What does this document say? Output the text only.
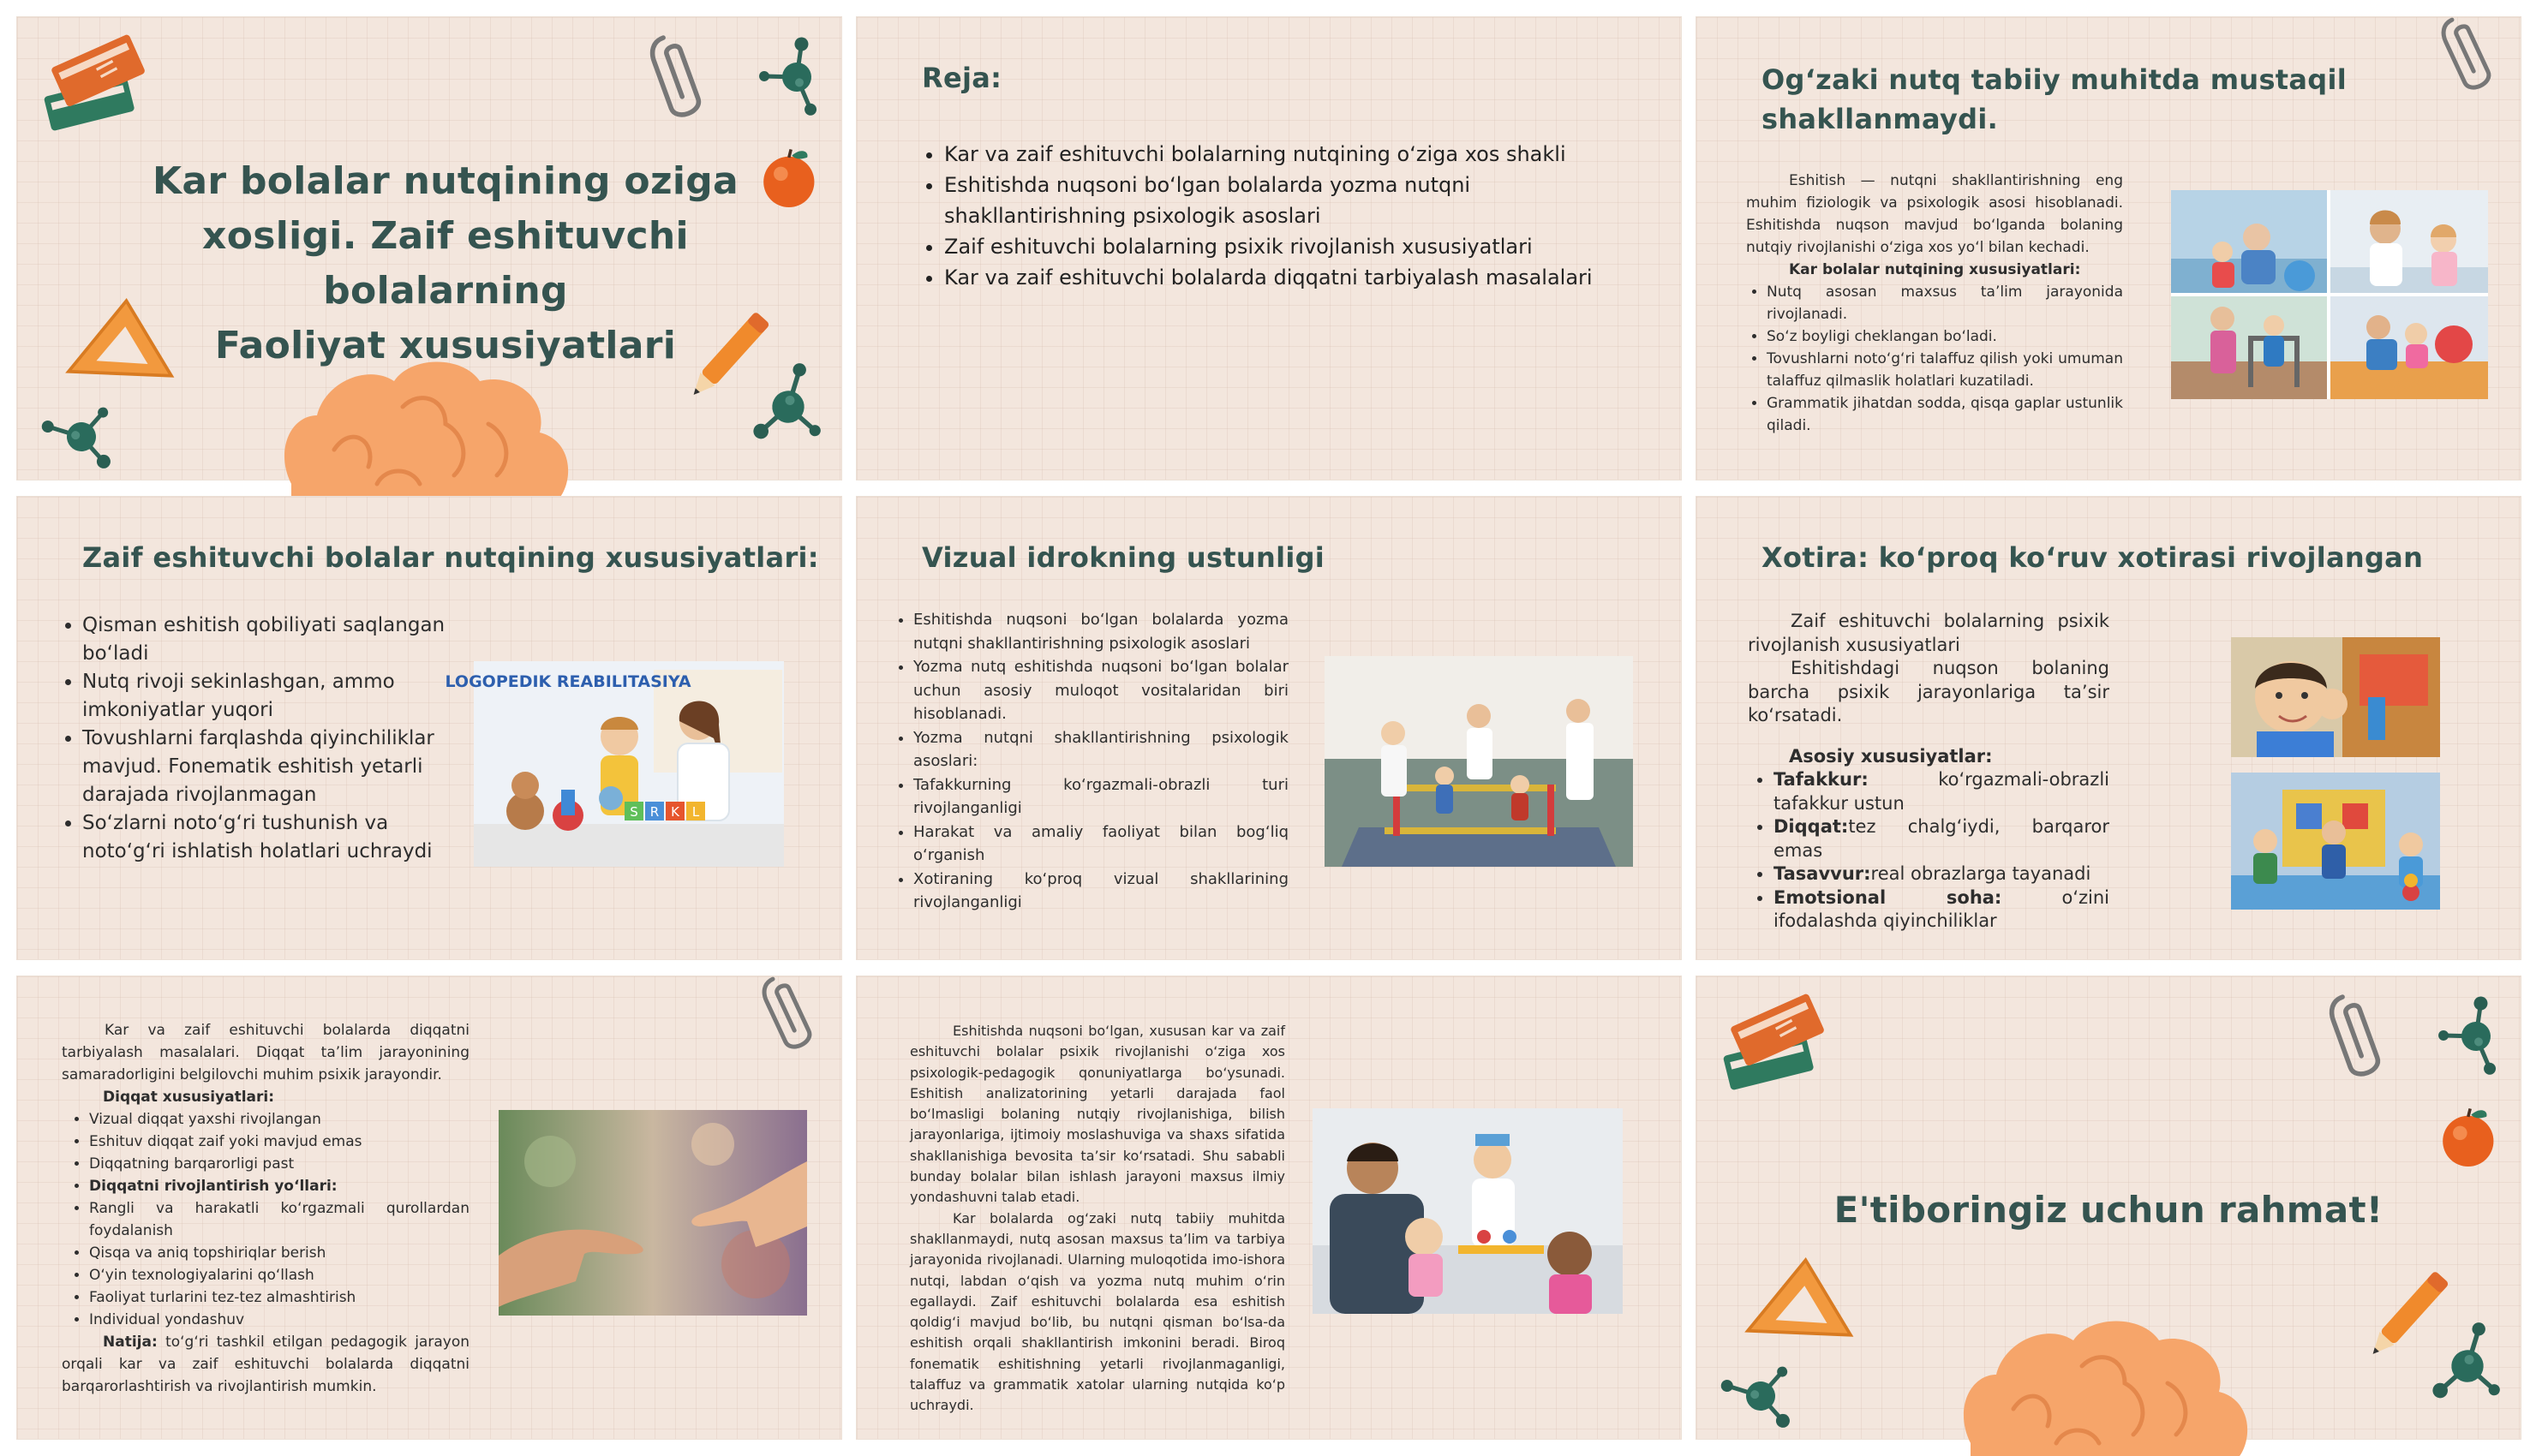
Kar bolalar nutqining oziga
xosligi. Zaif eshituvchi
bolalarning
Faoliyat xususiyatlari
Reja:
• Kar va zaif eshituvchi bolalarning nutqining o‘ziga xos shakli
• Eshitishda nuqsoni bo‘lgan bolalarda yozma nutqni shakllantirishning psixologik asoslari
• Zaif eshituvchi bolalarning psixik rivojlanish xususiyatlari
• Kar va zaif eshituvchi bolalarda diqqatni tarbiyalash masalalari
Og‘zaki nutq tabiiy muhitda mustaqil
shakllanmaydi.

Eshitish — nutqni shakllantirishning eng muhim fiziologik va psixologik asosi hisoblanadi. Eshitishda nuqson mavjud bo‘lganda bolaning nutqiy rivojlanishi o‘ziga xos yo‘l bilan kechadi.

Kar bolalar nutqining xususiyatlari:

• Nutq asosan maxsus ta’lim jarayonida rivojlanadi.
• So‘z boyligi cheklangan bo‘ladi.
• Tovushlarni noto‘g‘ri talaffuz qilish yoki umuman talaffuz qilmaslik holatlari kuzatiladi.
• Grammatik jihatdan sodda, qisqa gaplar ustunlik qiladi.
Zaif eshituvchi bolalar nutqining xususiyatlari:
• Qisman eshitish qobiliyati saqlangan bo‘ladi
• Nutq rivoji sekinlashgan, ammo imkoniyatlar yuqori
• Tovushlarni farqlashda qiyinchiliklar mavjud. Fonematik eshitish yetarli darajada rivojlanmagan
• So‘zlarni noto‘g‘ri tushunish va noto‘g‘ri ishlatish holatlari uchraydi
S R K L
LOGOPEDIK REABILITASIYA
Vizual idrokning ustunligi
• Eshitishda nuqsoni bo‘lgan bolalarda yozma nutqni shakllantirishning psixologik asoslari
• Yozma nutq eshitishda nuqsoni bo‘lgan bolalar uchun asosiy muloqot vositalaridan biri hisoblanadi.
• Yozma nutqni shakllantirishning psixologik asoslari:
• Tafakkurning ko‘rgazmali-obrazli turi rivojlanganligi
• Harakat va amaliy faoliyat bilan bog‘liq o‘rganish
• Xotiraning ko‘proq vizual shakllarining rivojlanganligi
Xotira: ko‘proq ko‘ruv xotirasi rivojlangan

Zaif eshituvchi bolalarning psixik rivojlanish xususiyatlari

Eshitishdagi nuqson bolaning barcha psixik jarayonlariga ta’sir ko‘rsatadi.

Asosiy xususiyatlar:

• Tafakkur:	ko‘rgazmali-obrazli tafakkur ustun
• Diqqat:tez chalg‘iydi, barqaror emas
• Tasavvur:real obrazlarga tayanadi
• Emotsional soha:	o‘zini ifodalashda qiyinchiliklar

Kar va zaif eshituvchi bolalarda diqqatni tarbiyalash masalalari. Diqqat ta’lim jarayonining samaradorligini belgilovchi muhim psixik jarayondir.

Diqqat xususiyatlari:

• Vizual diqqat yaxshi rivojlangan
• Eshituv diqqat zaif yoki mavjud emas
• Diqqatning barqarorligi past
• Diqqatni rivojlantirish yo‘llari:
• Rangli va harakatli ko‘rgazmali qurollardan foydalanish
• Qisqa va aniq topshiriqlar berish
• O‘yin texnologiyalarini qo‘llash
• Faoliyat turlarini tez-tez almashtirish
• Individual yondashuv

Natija: to‘g‘ri tashkil etilgan pedagogik jarayon orqali kar va zaif eshituvchi bolalarda diqqatni barqarorlashtirish va rivojlantirish mumkin.

Eshitishda nuqsoni bo‘lgan, xususan kar va zaif eshituvchi bolalar psixik rivojlanishi o‘ziga xos psixologik-pedagogik qonuniyatlarga bo‘ysunadi. Eshitish analizatorining yetarli darajada faol bo‘lmasligi bolaning nutqiy rivojlanishiga, bilish jarayonlariga, ijtimoiy moslashuviga va shaxs sifatida shakllanishiga bevosita ta’sir ko‘rsatadi. Shu sababli bunday bolalar bilan ishlash jarayoni maxsus ilmiy yondashuvni talab etadi.

Kar bolalarda og‘zaki nutq tabiiy muhitda shakllanmaydi, nutq asosan maxsus ta’lim va tarbiya jarayonida rivojlanadi. Ularning muloqotida imo-ishora nutqi, labdan o‘qish va yozma nutq muhim o‘rin egallaydi. Zaif eshituvchi bolalarda esa eshitish qoldig‘i mavjud bo‘lib, bu nutqni qisman bo‘lsa-da eshitish orqali shakllantirish imkonini beradi. Biroq fonematik eshitishning yetarli rivojlanmaganligi, talaffuz va grammatik xatolar ularning nutqida ko‘p uchraydi.

E'tiboringiz uchun rahmat!
